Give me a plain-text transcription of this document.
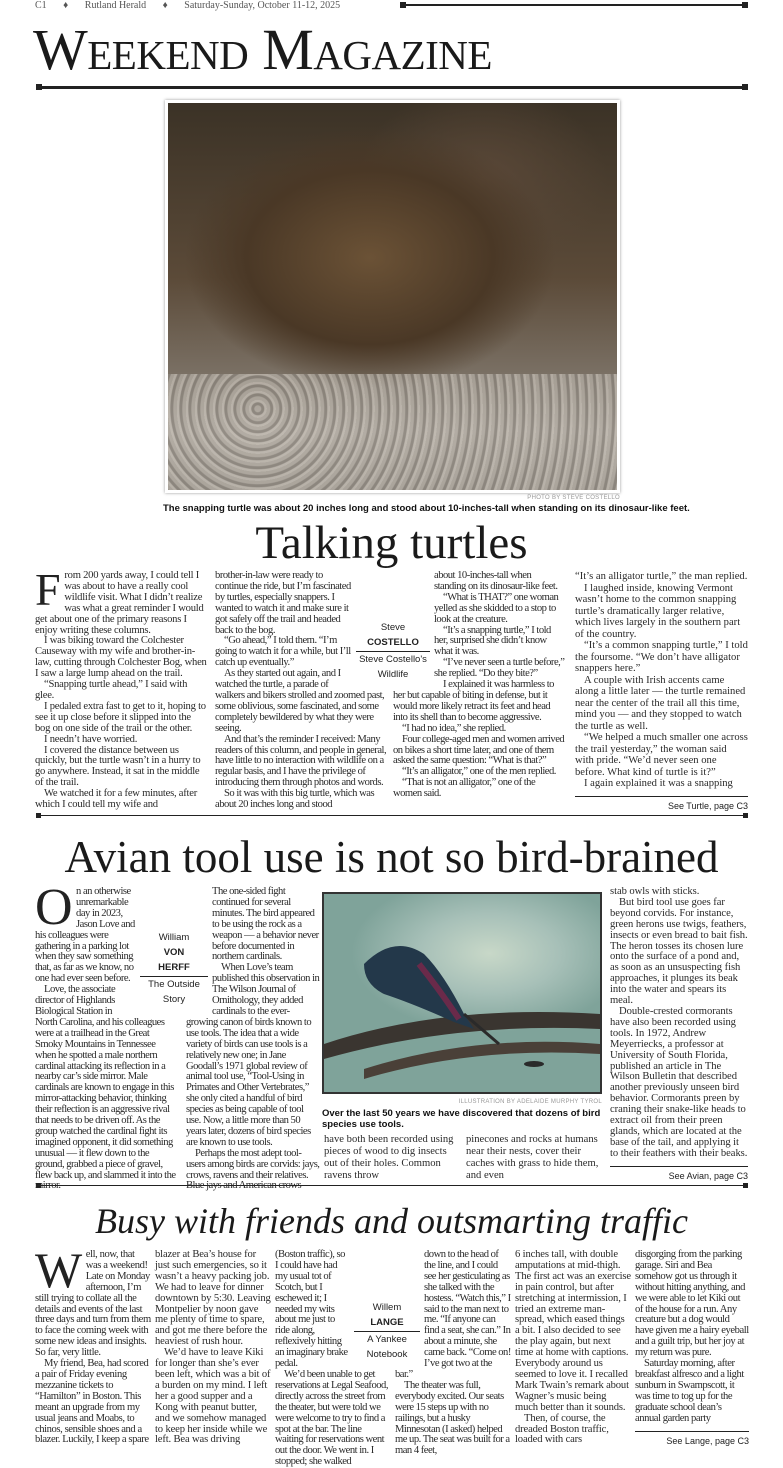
C1 ♦ Rutland Herald ♦ Saturday-Sunday, October 11-12, 2025
Weekend Magazine
PHOTO BY STEVE COSTELLO
The snapping turtle was about 20 inches long and stood about 10-inches-tall when standing on its dinosaur-like feet.
Talking turtles
F rom 200 yards away, I could tell I was about to have a really cool wildlife visit. What I didn’t realize was what a great reminder I would get about one of the primary reasons I enjoy writing these columns.

I was biking toward the Colchester Causeway with my wife and brother-in-law, cutting through Colchester Bog, when I saw a large lump ahead on the trail.

“Snapping turtle ahead,” I said with glee.

I pedaled extra fast to get to it, hoping to see it up close before it slipped into the bog on one side of the trail or the other.

I needn’t have worried.

I covered the distance between us quickly, but the turtle wasn’t in a hurry to go anywhere. Instead, it sat in the middle of the trail.

We watched it for a few minutes, after which I could tell my wife and

brother-in-law were ready to continue the ride, but I’m fascinated by turtles, especially snappers. I wanted to watch it and make sure it got safely off the trail and headed back to the bog.

“Go ahead,” I told them. “I’m going to watch it for a while, but I’ll catch up eventually.”

As they started out again, and I watched the turtle, a parade of walkers and bikers strolled and zoomed past, some oblivious, some fascinated, and some completely bewildered by what they were seeing.

And that’s the reminder I received: Many readers of this column, and people in general, have little to no interaction with wildlife on a regular basis, and I have the privilege of introducing them through photos and words.

So it was with this big turtle, which was about 20 inches long and stood

about 10-inches-tall when standing on its dinosaur-like feet.

“What is THAT?” one woman yelled as she skidded to a stop to look at the creature.

“It’s a snapping turtle,” I told her, surprised she didn’t know what it was.

“I’ve never seen a turtle before,” she replied. “Do they bite?”

I explained it was harmless to her but capable of biting in defense, but it would more likely retract its feet and head into its shell than to become aggressive.

“I had no idea,” she replied.

Four college-aged men and women arrived on bikes a short time later, and one of them asked the same question: “What is that?”

“It’s an alligator,” one of the men replied.

“That is not an alligator,” one of the women said.

Steve
COSTELLO
Steve Costello's
Wildlife

“It’s an alligator turtle,” the man replied.

I laughed inside, knowing Vermont wasn’t home to the common snapping turtle’s dramatically larger relative, which lives largely in the southern part of the country.

“It’s a common snapping turtle,” I told the foursome. “We don’t have alligator snappers here.”

A couple with Irish accents came along a little later — the turtle remained near the center of the trail all this time, mind you — and they stopped to watch the turtle as well.

“We helped a much smaller one across the trail yesterday,” the woman said with pride. “We’d never seen one before. What kind of turtle is it?”

I again explained it was a snapping

See Turtle, page C3
Avian tool use is not so bird-brained
O n an otherwise unremarkable day in 2023, Jason Love and his colleagues were gathering in a parking lot when they saw something that, as far as we know, no one had ever seen before.

Love, the associate director of Highlands Biological Station in North Carolina, and his colleagues were at a trailhead in the Great Smoky Mountains in Tennessee when he spotted a male northern cardinal attacking its reflection in a nearby car’s side mirror. Male cardinals are known to engage in this mirror-attacking behavior, thinking their reflection is an aggressive rival that needs to be driven off. As the group watched the cardinal fight its imagined opponent, it did something unusual — it flew down to the ground, grabbed a piece of gravel, flew back up, and slammed it into the

William
VON
HERFF
The Outside
Story

The one-sided fight continued for several minutes. The bird appeared to be using the rock as a weapon — a behavior never before documented in northern cardinals.

When Love’s team published this observation in The Wilson Journal of Ornithology, they added cardinals to the ever-growing canon of birds known to use tools. The idea that a wide variety of birds can use tools is a relatively new one; in Jane Goodall’s 1971 global review of animal tool use, “Tool-Using in Primates and Other Vertebrates,” she only cited a handful of bird species as being capable of tool use. Now, a little more than 50 years later, dozens of bird species are known to use tools.

Perhaps the most adept tool-users among birds are corvids: jays, crows, ravens and their relatives.

ILLUSTRATION BY ADELAIDE MURPHY TYROL
Over the last 50 years we have discovered that dozens of bird species use tools.

have both been recorded using pieces of wood to dig insects out of their holes. Common ravens throw

pinecones and rocks at humans near their nests, cover their caches with grass to hide them, and even

stab owls with sticks.

But bird tool use goes far beyond corvids. For instance, green herons use twigs, feathers, insects or even bread to bait fish. The heron tosses its chosen lure onto the surface of a pond and, as soon as an unsuspecting fish approaches, it plunges its beak into the water and spears its meal.

Double-crested cormorants have also been recorded using tools. In 1972, Andrew Meyerriecks, a professor at University of South Florida, published an article in The Wilson Bulletin that described another previously unseen bird behavior. Cormorants preen by craning their snake-like heads to extract oil from their preen glands, which are located at the base of the tail, and applying it to their feathers with their beaks.

See Avian, page C3
Busy with friends and outsmarting traffic
W ell, now, that was a weekend! Late on Monday afternoon, I’m still trying to collate all the details and events of the last three days and turn from them to face the coming week with some new ideas and insights. So far, very little.

My friend, Bea, had scored a pair of Friday evening mezzanine tickets to “Hamilton” in Boston. This meant an upgrade from my usual jeans and Moabs, to chinos, sensible shoes and a blazer. Luckily, I keep a spare

blazer at Bea’s house for just such emergencies, so it wasn’t a heavy packing job. We had to leave for dinner downtown by 5:30. Leaving Montpelier by noon gave me plenty of time to spare, and got me there before the heaviest of rush hour.

We’d have to leave Kiki for longer than she’s ever been left, which was a bit of a burden on my mind. I left her a good supper and a Kong with peanut butter, and we somehow managed to keep her inside while we left. Bea was driving

(Boston traffic), so I could have had my usual tot of Scotch, but I eschewed it; I needed my wits about me just to ride along, reflexively hitting an imaginary brake pedal.

We’d been unable to get reservations at Legal Seafood, directly across the street from the theater, but were told we were welcome to try to find a spot at the bar. The line waiting for reservations went out the door. We went in. I stopped; she walked

Willem
LANGE
A Yankee
Notebook

down to the head of the line, and I could see her gesticulating as she talked with the hostess. “Watch this,” I said to the man next to me. “If anyone can find a seat, she can.” In about a minute, she came back. “Come on! I’ve got two at the bar.”

The theater was full, everybody excited. Our seats were 15 steps up with no railings, but a husky Minnesotan (I asked) helped me up. The seat was built for a man 4 feet,

6 inches tall, with double amputations at mid-thigh. The first act was an exercise in pain control, but after stretching at intermission, I tried an extreme man-spread, which eased things a bit. I also decided to see the play again, but next time at home with captions. Everybody around us seemed to love it. I recalled Mark Twain’s remark about Wagner’s music being much better than it sounds.

Then, of course, the dreaded Boston traffic, loaded with cars

disgorging from the parking garage. Siri and Bea somehow got us through it without hitting anything, and we were able to let Kiki out of the house for a run. Any creature but a dog would have given me a hairy eyeball and a guilt trip, but her joy at my return was pure.

Saturday morning, after breakfast alfresco and a light sunburn in Swampscott, it was time to tog up for the graduate school dean’s annual garden party

See Lange, page C3
